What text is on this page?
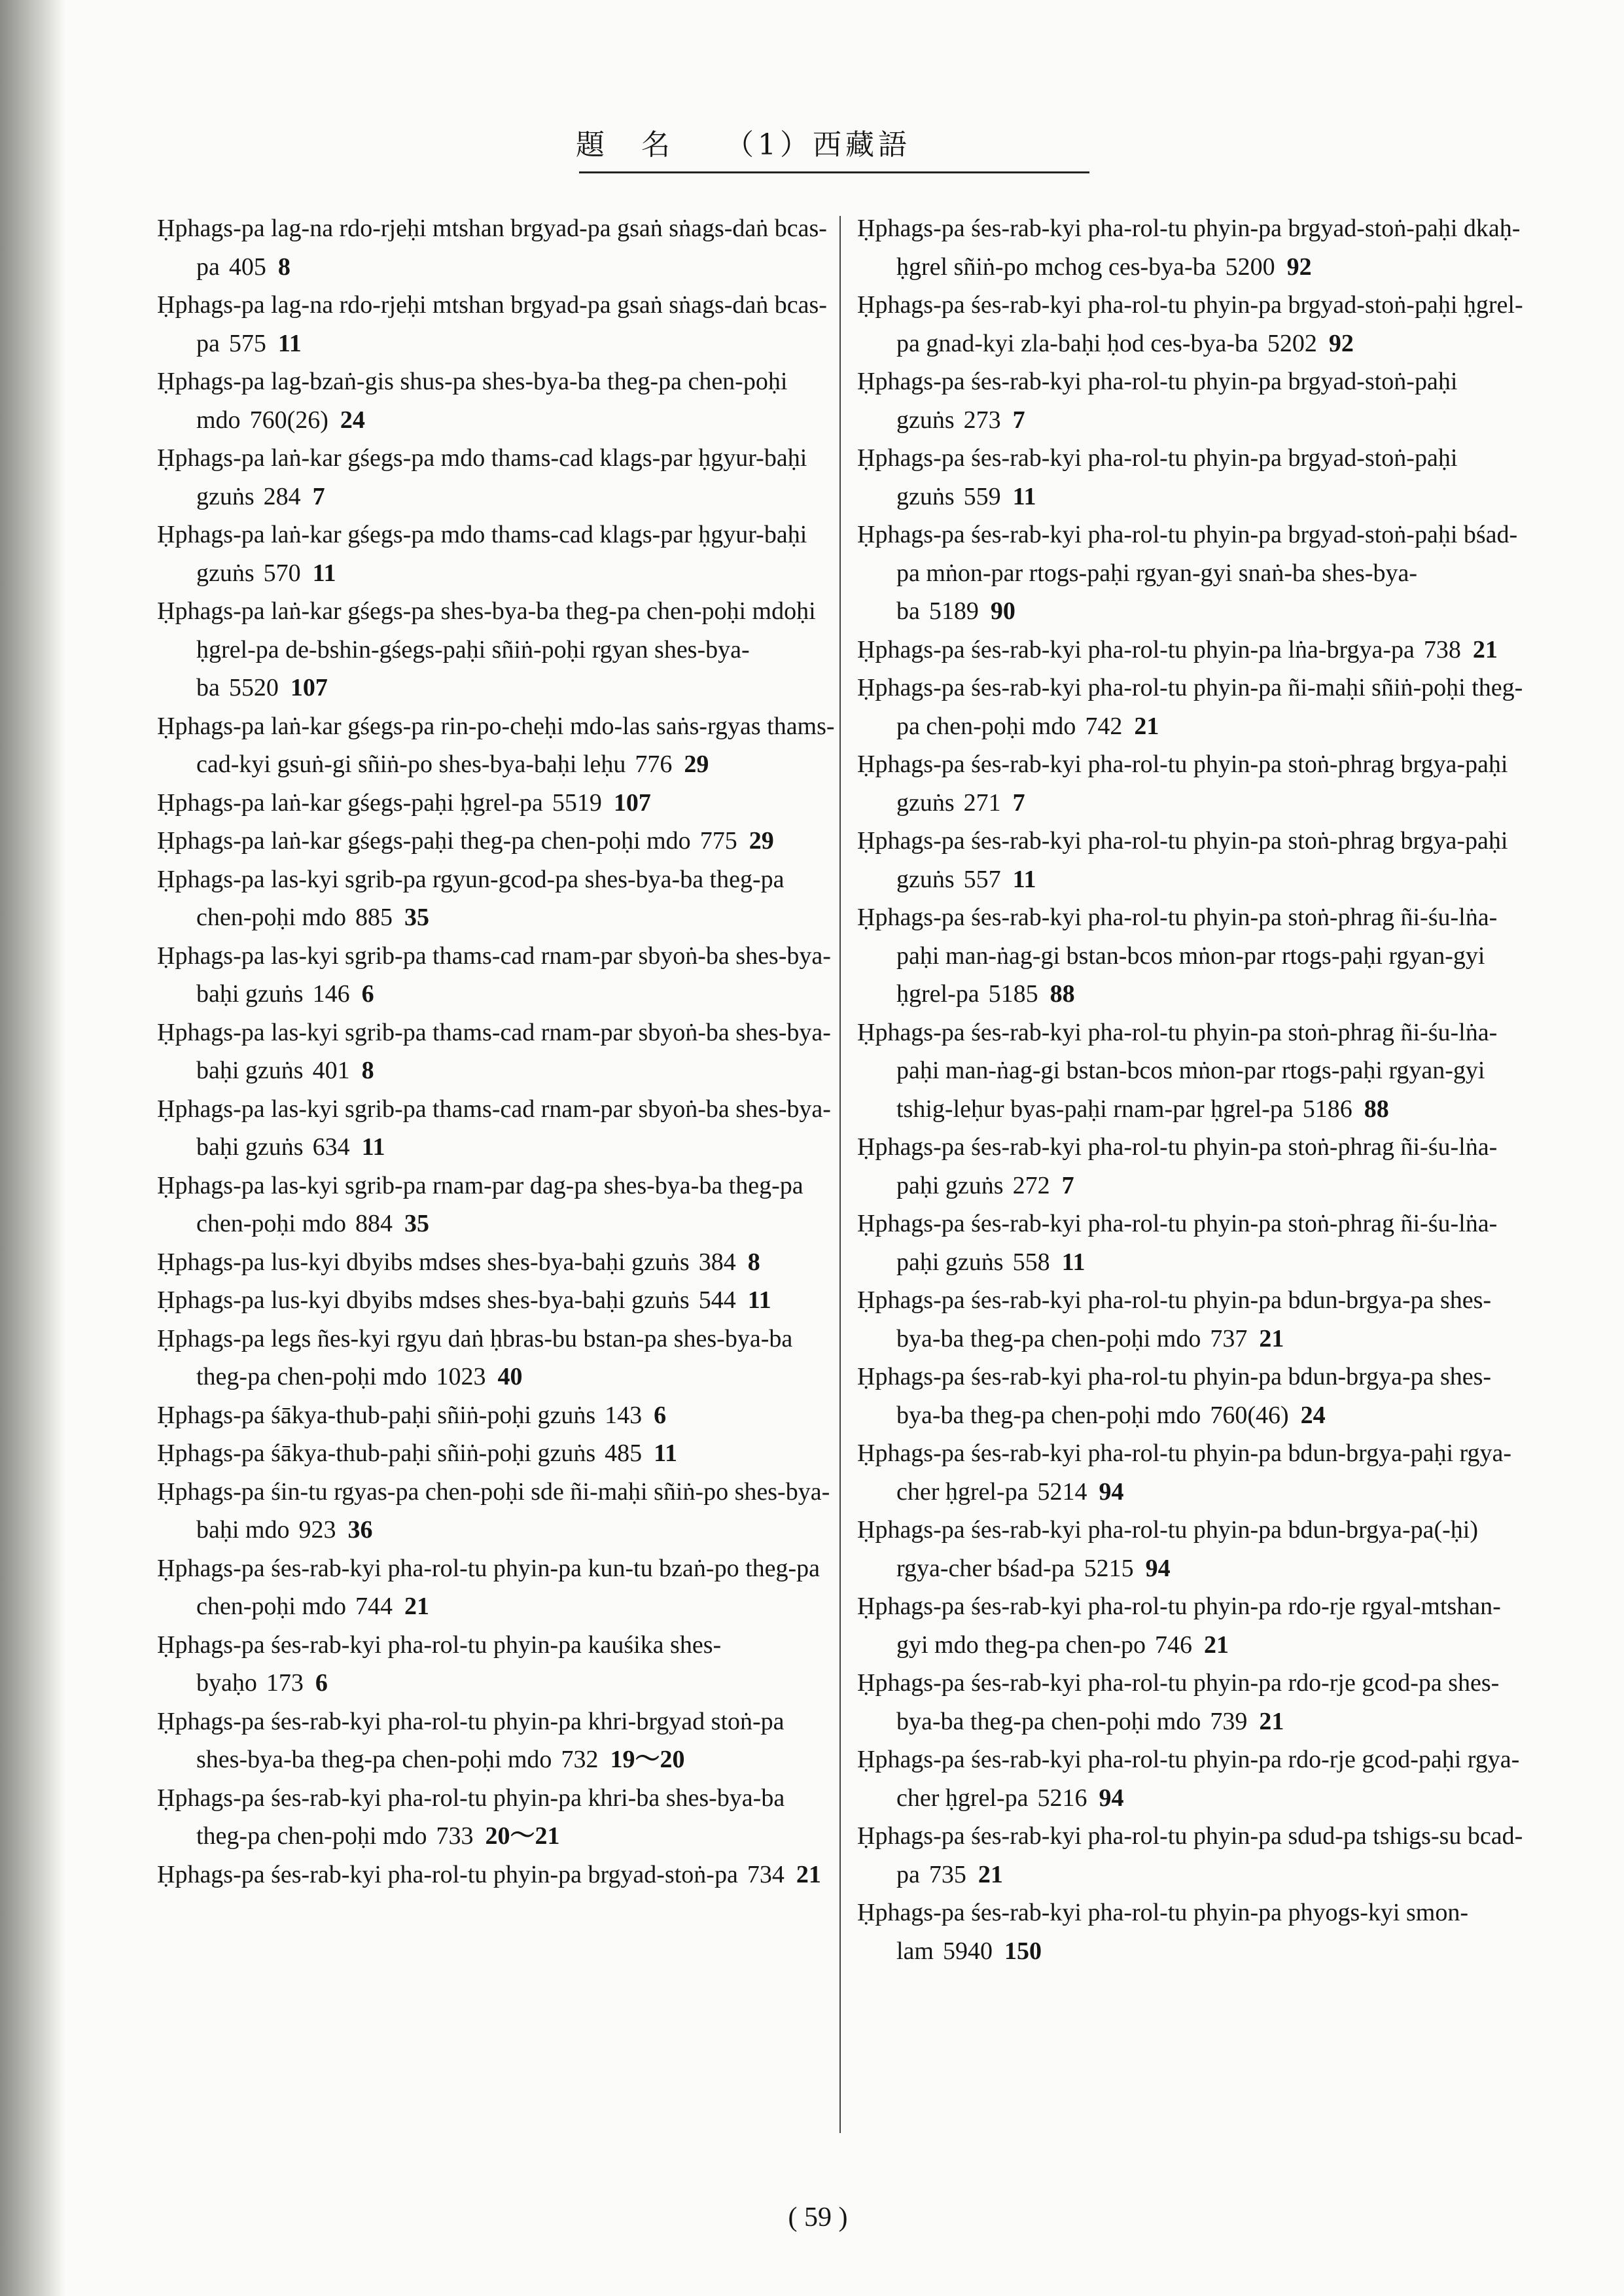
題　名　　（1）西藏語
Ḥphags-pa lag-na rdo-rjeḥi mtshan brgyad-pa gsaṅ sṅags-daṅ bcas-pa 405 8
Ḥphags-pa lag-na rdo-rjeḥi mtshan brgyad-pa gsaṅ sṅags-daṅ bcas-pa 575 11
Ḥphags-pa lag-bzaṅ-gis shus-pa shes-bya-ba theg-pa chen-poḥi mdo 760(26) 24
Ḥphags-pa laṅ-kar gśegs-pa mdo thams-cad klags-par ḥgyur-baḥi gzuṅs 284 7
Ḥphags-pa laṅ-kar gśegs-pa mdo thams-cad klags-par ḥgyur-baḥi gzuṅs 570 11
Ḥphags-pa laṅ-kar gśegs-pa shes-bya-ba theg-pa chen-poḥi mdoḥi ḥgrel-pa de-bshin-gśegs-paḥi sñiṅ-poḥi rgyan shes-bya-ba 5520 107
Ḥphags-pa laṅ-kar gśegs-pa rin-po-cheḥi mdo-las saṅs-rgyas thams-cad-kyi gsuṅ-gi sñiṅ-po shes-bya-baḥi leḥu 776 29
Ḥphags-pa laṅ-kar gśegs-paḥi ḥgrel-pa 5519 107
Ḥphags-pa laṅ-kar gśegs-paḥi theg-pa chen-poḥi mdo 775 29
Ḥphags-pa las-kyi sgrib-pa rgyun-gcod-pa shes-bya-ba theg-pa chen-poḥi mdo 885 35
Ḥphags-pa las-kyi sgrib-pa thams-cad rnam-par sbyoṅ-ba shes-bya-baḥi gzuṅs 146 6
Ḥphags-pa las-kyi sgrib-pa thams-cad rnam-par sbyoṅ-ba shes-bya-baḥi gzuṅs 401 8
Ḥphags-pa las-kyi sgrib-pa thams-cad rnam-par sbyoṅ-ba shes-bya-baḥi gzuṅs 634 11
Ḥphags-pa las-kyi sgrib-pa rnam-par dag-pa shes-bya-ba theg-pa chen-poḥi mdo 884 35
Ḥphags-pa lus-kyi dbyibs mdses shes-bya-baḥi gzuṅs 384 8
Ḥphags-pa lus-kyi dbyibs mdses shes-bya-baḥi gzuṅs 544 11
Ḥphags-pa legs ñes-kyi rgyu daṅ ḥbras-bu bstan-pa shes-bya-ba theg-pa chen-poḥi mdo 1023 40
Ḥphags-pa śākya-thub-paḥi sñiṅ-poḥi gzuṅs 143 6
Ḥphags-pa śākya-thub-paḥi sñiṅ-poḥi gzuṅs 485 11
Ḥphags-pa śin-tu rgyas-pa chen-poḥi sde ñi-maḥi sñiṅ-po shes-bya-baḥi mdo 923 36
Ḥphags-pa śes-rab-kyi pha-rol-tu phyin-pa kun-tu bzaṅ-po theg-pa chen-poḥi mdo 744 21
Ḥphags-pa śes-rab-kyi pha-rol-tu phyin-pa kauśika shes-byaḥo 173 6
Ḥphags-pa śes-rab-kyi pha-rol-tu phyin-pa khri-brgyad stoṅ-pa shes-bya-ba theg-pa chen-poḥi mdo 732 19～20
Ḥphags-pa śes-rab-kyi pha-rol-tu phyin-pa khri-ba shes-bya-ba theg-pa chen-poḥi mdo 733 20～21
Ḥphags-pa śes-rab-kyi pha-rol-tu phyin-pa brgyad-stoṅ-pa 734 21
Ḥphags-pa śes-rab-kyi pha-rol-tu phyin-pa brgyad-stoṅ-paḥi dkaḥ-ḥgrel sñiṅ-po mchog ces-bya-ba 5200 92
Ḥphags-pa śes-rab-kyi pha-rol-tu phyin-pa brgyad-stoṅ-paḥi ḥgrel-pa gnad-kyi zla-baḥi ḥod ces-bya-ba 5202 92
Ḥphags-pa śes-rab-kyi pha-rol-tu phyin-pa brgyad-stoṅ-paḥi gzuṅs 273 7
Ḥphags-pa śes-rab-kyi pha-rol-tu phyin-pa brgyad-stoṅ-paḥi gzuṅs 559 11
Ḥphags-pa śes-rab-kyi pha-rol-tu phyin-pa brgyad-stoṅ-paḥi bśad-pa mṅon-par rtogs-paḥi rgyan-gyi snaṅ-ba shes-bya-ba 5189 90
Ḥphags-pa śes-rab-kyi pha-rol-tu phyin-pa lṅa-brgya-pa 738 21
Ḥphags-pa śes-rab-kyi pha-rol-tu phyin-pa ñi-maḥi sñiṅ-poḥi theg-pa chen-poḥi mdo 742 21
Ḥphags-pa śes-rab-kyi pha-rol-tu phyin-pa stoṅ-phrag brgya-paḥi gzuṅs 271 7
Ḥphags-pa śes-rab-kyi pha-rol-tu phyin-pa stoṅ-phrag brgya-paḥi gzuṅs 557 11
Ḥphags-pa śes-rab-kyi pha-rol-tu phyin-pa stoṅ-phrag ñi-śu-lṅa-paḥi man-ṅag-gi bstan-bcos mṅon-par rtogs-paḥi rgyan-gyi ḥgrel-pa 5185 88
Ḥphags-pa śes-rab-kyi pha-rol-tu phyin-pa stoṅ-phrag ñi-śu-lṅa-paḥi man-ṅag-gi bstan-bcos mṅon-par rtogs-paḥi rgyan-gyi tshig-leḥur byas-paḥi rnam-par ḥgrel-pa 5186 88
Ḥphags-pa śes-rab-kyi pha-rol-tu phyin-pa stoṅ-phrag ñi-śu-lṅa-paḥi gzuṅs 272 7
Ḥphags-pa śes-rab-kyi pha-rol-tu phyin-pa stoṅ-phrag ñi-śu-lṅa-paḥi gzuṅs 558 11
Ḥphags-pa śes-rab-kyi pha-rol-tu phyin-pa bdun-brgya-pa shes-bya-ba theg-pa chen-poḥi mdo 737 21
Ḥphags-pa śes-rab-kyi pha-rol-tu phyin-pa bdun-brgya-pa shes-bya-ba theg-pa chen-poḥi mdo 760(46) 24
Ḥphags-pa śes-rab-kyi pha-rol-tu phyin-pa bdun-brgya-paḥi rgya-cher ḥgrel-pa 5214 94
Ḥphags-pa śes-rab-kyi pha-rol-tu phyin-pa bdun-brgya-pa(-ḥi) rgya-cher bśad-pa 5215 94
Ḥphags-pa śes-rab-kyi pha-rol-tu phyin-pa rdo-rje rgyal-mtshan-gyi mdo theg-pa chen-po 746 21
Ḥphags-pa śes-rab-kyi pha-rol-tu phyin-pa rdo-rje gcod-pa shes-bya-ba theg-pa chen-poḥi mdo 739 21
Ḥphags-pa śes-rab-kyi pha-rol-tu phyin-pa rdo-rje gcod-paḥi rgya-cher ḥgrel-pa 5216 94
Ḥphags-pa śes-rab-kyi pha-rol-tu phyin-pa sdud-pa tshigs-su bcad-pa 735 21
Ḥphags-pa śes-rab-kyi pha-rol-tu phyin-pa phyogs-kyi smon-lam 5940 150
( 59 )
